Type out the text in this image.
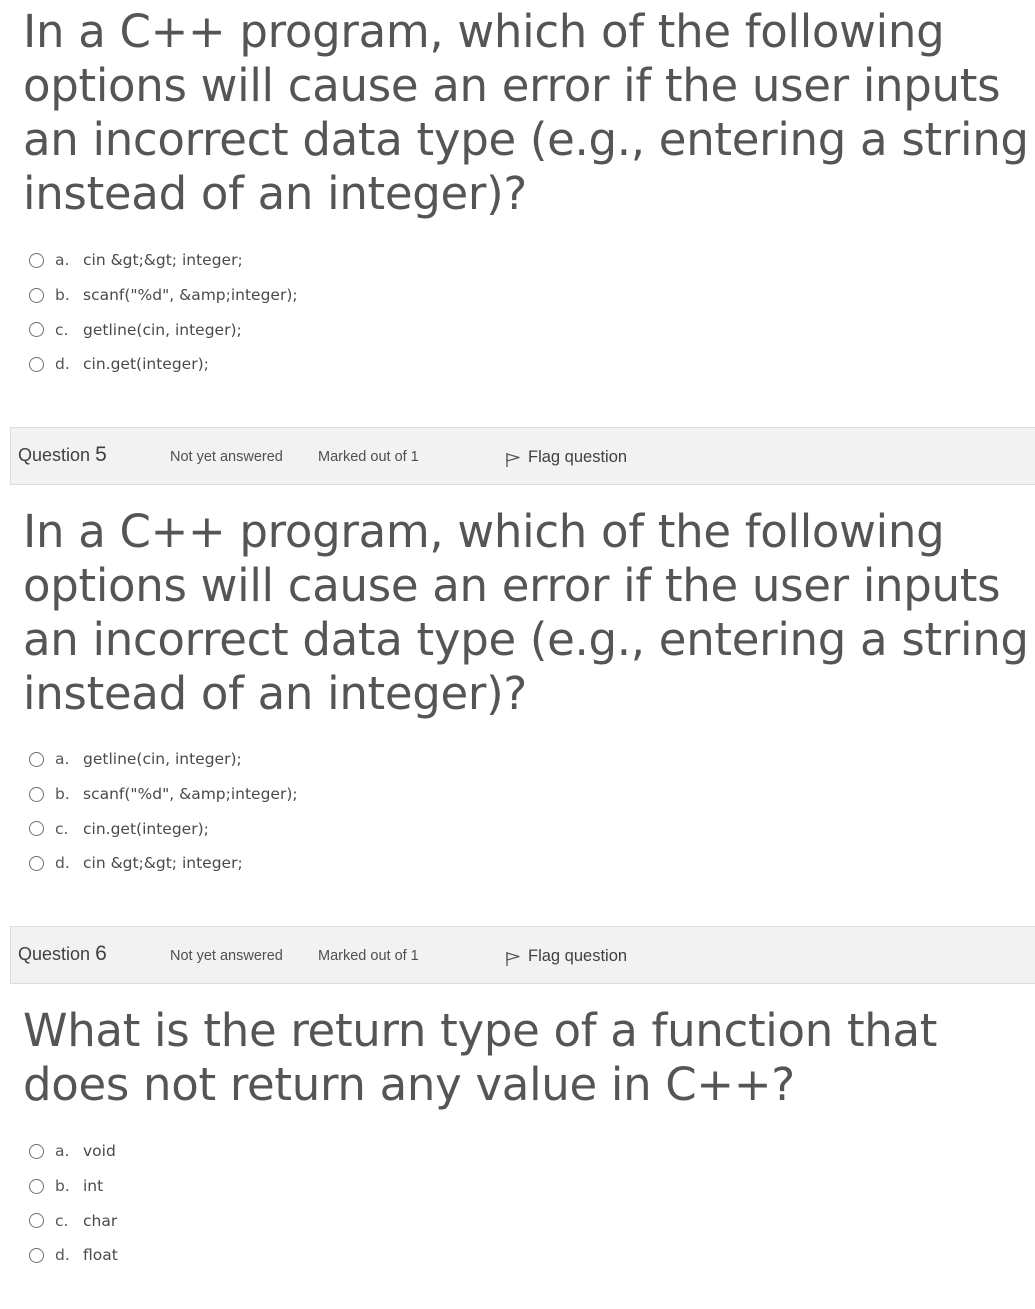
In a C++ program, which of the following options will cause an error if the user inputs an incorrect data type (e.g., entering a string instead of an integer)?

a. cin &gt;&gt; integer;
b. scanf("%d", &amp;integer);
c. getline(cin, integer);
d. cin.get(integer);
Question 5	Not yet answered Marked out of 1	Flag question

In a C++ program, which of the following options will cause an error if the user inputs an incorrect data type (e.g., entering a string instead of an integer)?

a. getline(cin, integer);
b. scanf("%d", &amp;integer);
c. cin.get(integer);
d. cin &gt;&gt; integer;
Question 6	Not yet answered Marked out of 1	Flag question

What is the return type of a function that does not return any value in C++?

a. void
b. int
c. char
d. float
